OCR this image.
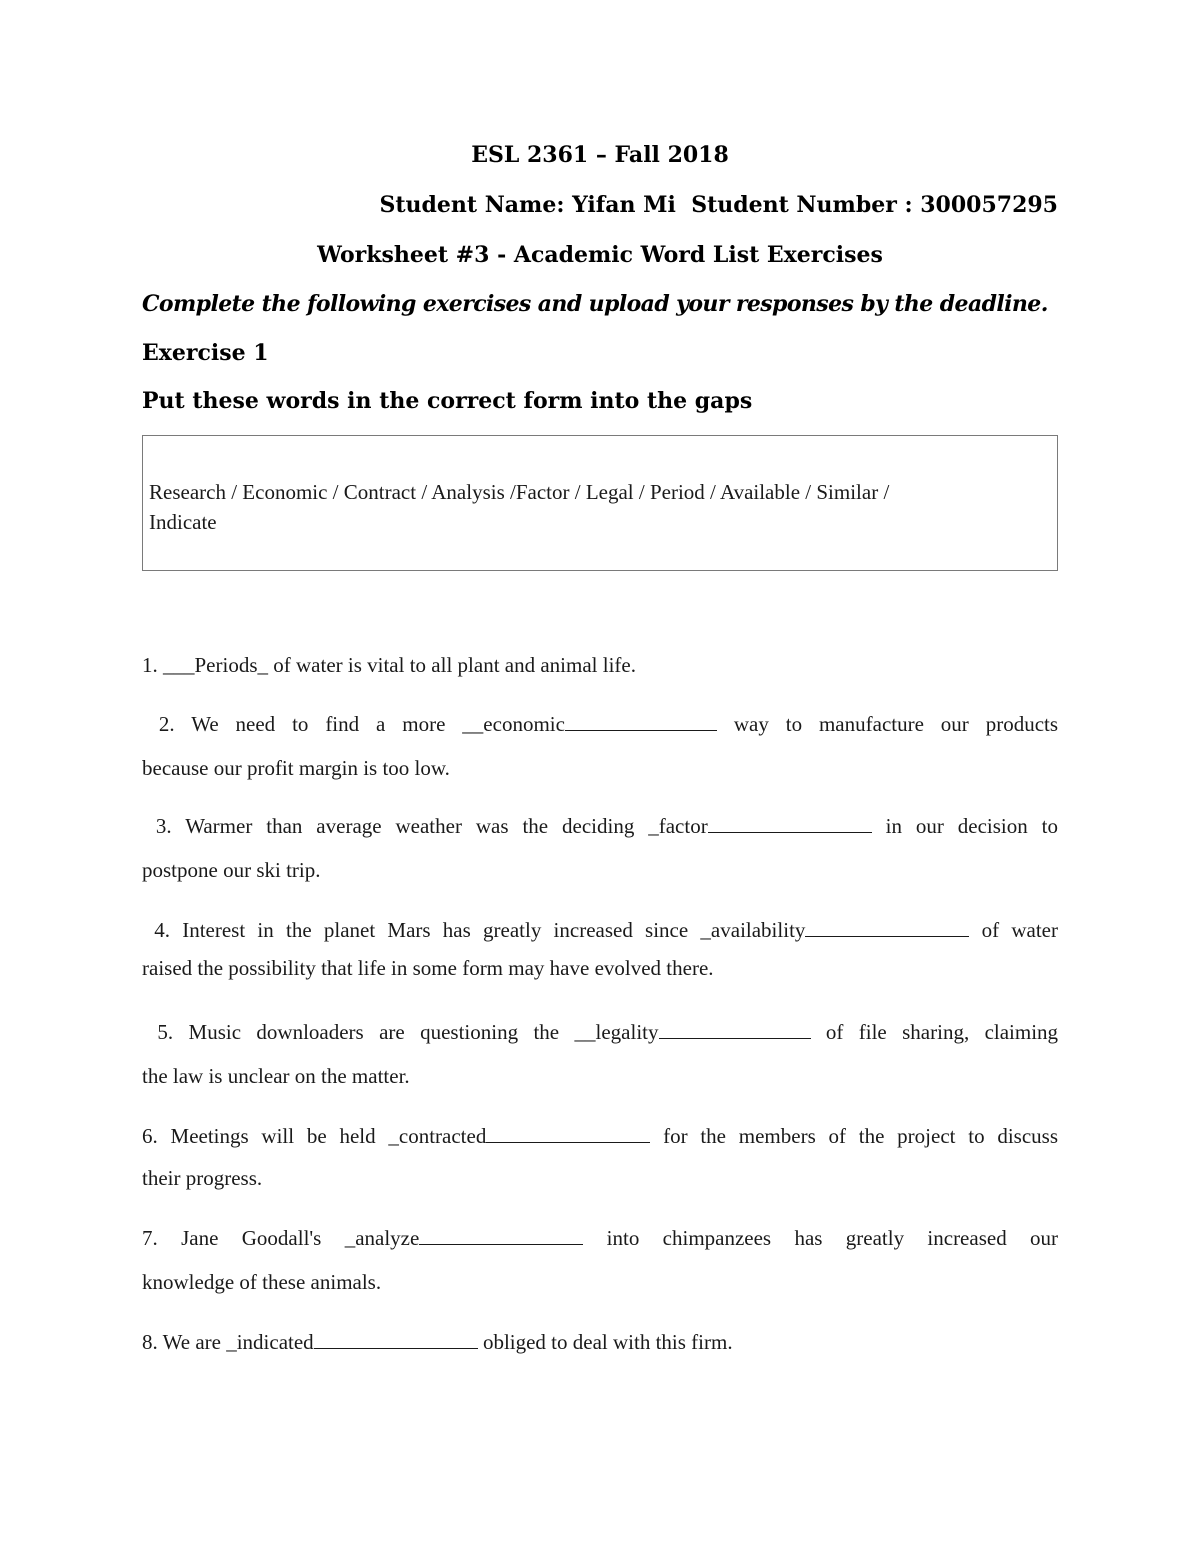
ESL 2361 – Fall 2018
Student Name: Yifan Mi  Student Number : 300057295
Worksheet #3 - Academic Word List Exercises
Complete the following exercises and upload your responses by the deadline.
Exercise 1
Put these words in the correct form into the gaps
Research / Economic / Contract / Analysis /Factor / Legal / Period / Available / Similar /
Indicate
1. ___Periods_ of water is vital to all plant and animal life.
2. We need to find a more __economic	way to manufacture our products
because our profit margin is too low.
3. Warmer than average weather was the deciding _factor	in our decision to
postpone our ski trip.
4. Interest in the planet Mars has greatly increased since _availability	of water
raised the possibility that life in some form may have evolved there.
5. Music downloaders are questioning the __legality	of file sharing, claiming
the law is unclear on the matter.
6. Meetings will be held _contracted	for the members of the project to discuss
their progress.
7. Jane Goodall's _analyze	into chimpanzees has greatly increased our
knowledge of these animals.
8. We are _indicated	obliged to deal with this firm.
